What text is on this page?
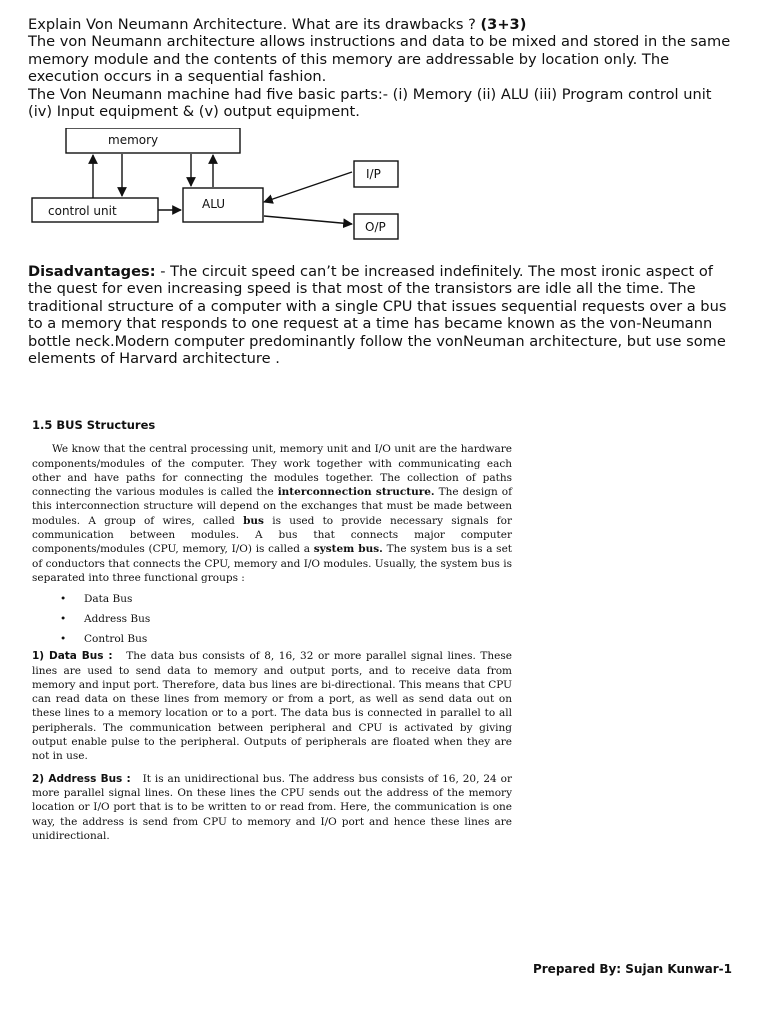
Explain Von Neumann Architecture. What are its drawbacks ? (3+3)

The von Neumann architecture allows instructions and data to be mixed and stored in the same memory module and the contents of this memory are addressable by location only. The execution occurs in a sequential fashion.

The Von Neumann machine had five basic parts:- (i) Memory (ii) ALU (iii) Program control unit (iv) Input equipment & (v) output equipment.

memory
control unit	ALU
I/P
O/P

Disadvantages: - The circuit speed can’t be increased indefinitely. The most ironic aspect of the quest for even increasing speed is that most of the transistors are idle all the time. The traditional structure of a computer with a single CPU that issues sequential requests over a bus to a memory that responds to one request at a time has became known as the von-Neumann bottle neck.Modern computer predominantly follow the vonNeuman architecture, but use some elements of Harvard architecture .

1.5 BUS Structures

We know that the central processing unit, memory unit and I/O unit are the hardware components/modules of the computer. They work together with communicating each other and have paths for connecting the modules together. The collection of paths connecting the various modules is called the interconnection structure. The design of this interconnection structure will depend on the exchanges that must be made between modules. A group of wires, called bus is used to provide necessary signals for communication between modules. A bus that connects major computer components/modules (CPU, memory, I/O) is called a system bus. The system bus is a set of conductors that connects the CPU, memory and I/O modules. Usually, the system bus is separated into three functional groups :

• Data Bus
• Address Bus
• Control Bus

1) Data Bus : The data bus consists of 8, 16, 32 or more parallel signal lines. These lines are used to send data to memory and output ports, and to receive data from memory and input port. Therefore, data bus lines are bi-directional. This means that CPU can read data on these lines from memory or from a port, as well as send data out on these lines to a memory location or to a port. The data bus is connected in parallel to all peripherals. The communication between peripheral and CPU is activated by giving output enable pulse to the peripheral. Outputs of peripherals are floated when they are not in use.

2) Address Bus : It is an unidirectional bus. The address bus consists of 16, 20, 24 or more parallel signal lines. On these lines the CPU sends out the address of the memory location or I/O port that is to be written to or read from. Here, the communication is one way, the address is send from CPU to memory and I/O port and hence these lines are unidirectional.

Prepared By: Sujan Kunwar-1
